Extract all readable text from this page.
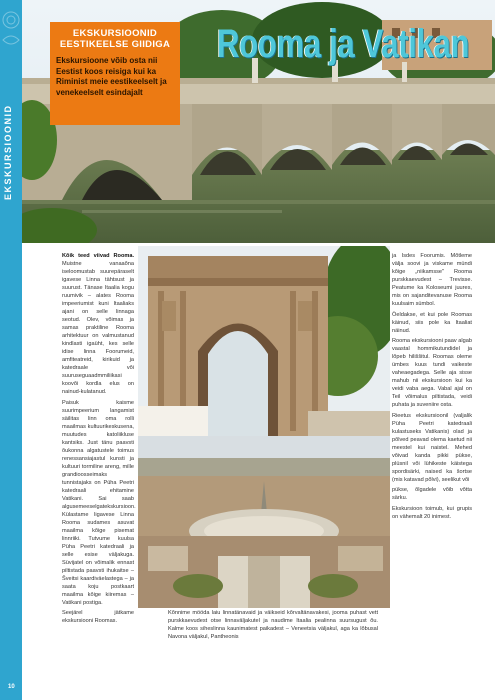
EKSKURSIOONID
10
Rooma ja Vatikan
EKSKURSIOONID EESTIKEELSE GIIDIGA
Ekskursioone võib osta nii Eestist koos reisiga kui ka Riminist meie eestikeelselt ja venekeelselt esindajalt

Kõik teed viivad Rooma. Muistne vanaaõna iseloomustab suurepäraselt igavese Linna tähtsust ja suurust. Tänase Itaalia kogu ruumivik – alates Rooma impeeriumist kuni Itaaliaks ajani on selle linnaga seotud. Olev, võimas ja samas praktiline Rooma arhitektuur on valmustanud kindlasti igaüht, kes selle idise linna Foorumeid, amfiteatreid, kirikuid ja katedraale või suuruseguaadmmiliikasi koovõi kordla elus on nainud-kulatanud.

Paisuk kaisme suurimpeerium langamist säilitas linn oma rolli maailmas kultuurikeskusena, muutudes katoliikluse kantsiks. Just tänu paavsti õukonna algatustele toimus renessansiajastul kunsti ja kultuuri tormiline areng, mille grandioosseimaks tunnistajaks on Püha Peetri katedraali ehitamine Vatikani. Sai saab algusemeeselgatekskursioon. Külastame ligavese Linna Rooma sudames asuvat maailma kõige pisemat linnriiki. Tutvume kuulsa Püha Peetri katedraali ja selle esise väljakuga. Süvijatel on võimalik ennast piltistada paavsti ihukaitse – Šveitsi kaardiväelastega – ja saata koju postkaart maailma kõige kiiremas – Vatikani postiga.

Seejärel jätkame ekskursiooni Roomas.

Kõnnime mööda laiu linnatänavaid ja väikseid kõrvaltänavakesi, jooma puhast vett purskkaevudest otse linnaväljakutel ja naudime Itaalia pealinna suursugust õu. Kalme koos siheslinna kaunimatest paikadest – Veneetsia väljakul, aga ka lõbusal Navona väljakul, Pantheonis

ja Isdes Foorumis. Mõtleme välja soovi ja viskame mündi kõige „niikamsse" Rooma purskkaevudest – Trevisse. Peatume ka Koloseumi juures, mis on sajanditevanuse Rooma kuulsaim sümbol.

Öeldakse, et kui pole Roomas käinud, siis pole ka Itaaliat näinud.

Rooma ekskursiooni paav algab vaastal hommikutundidel ja lõpeb hiliššitul. Roomas oleme ümbes kuus tundi vaikeste vaheaegadega. Selle aja sisse mahub nii ekskursioon kui ka veidi vaba aega. Vabal ajal on Teil võimalus piltistada, veidi puhata ja suveniire osta.

Rieetus ekskursioonil (valjalik Püha Peetri katedraali kulastuseks Vatikanis) olad ja põlved peavad olema kaetud nii meestel kui naistel. Mehed võivad kanda pikki pükse, plüsnil või lühikeste käistega spordisärki, naised ka šortse (mis katavad põlvi), seelikut või

pükse, õlgadele võib võtta särku.

Ekskursioon toimub, kui grupis on vähemalt 20 inimest.
